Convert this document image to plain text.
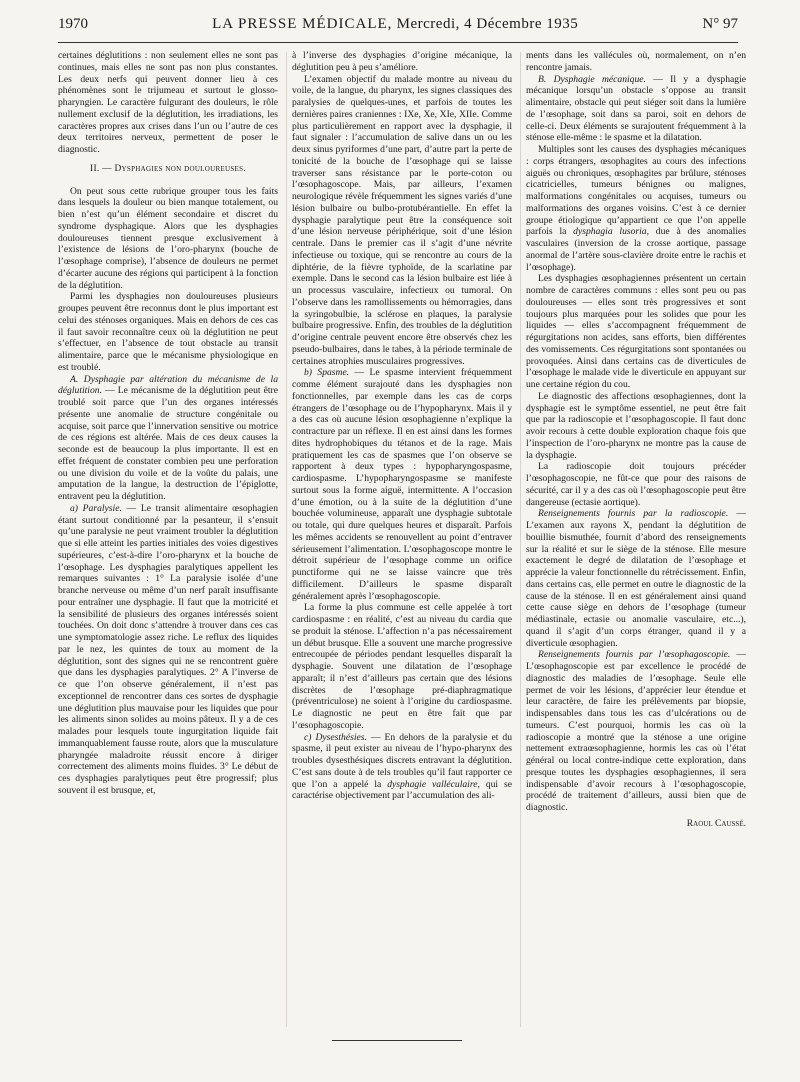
1970	LA PRESSE MÉDICALE, Mercredi, 4 Décembre 1935	N° 97

certaines déglutitions : non seulement elles ne sont pas continues, mais elles ne sont pas non plus constantes. Les deux nerfs qui peuvent donner lieu à ces phénomènes sont le trijumeau et surtout le glosso-pharyngien. Le caractère fulgurant des douleurs, le rôle nullement exclusif de la déglutition, les irradiations, les caractères propres aux crises dans l’un ou l’autre de ces deux territoires nerveux, permettent de poser le diagnostic.

II. — Dysphagies non douloureuses.

On peut sous cette rubrique grouper tous les faits dans lesquels la douleur ou bien manque totalement, ou bien n’est qu’un élément secondaire et discret du syndrome dysphagique. Alors que les dysphagies douloureuses tiennent presque exclusivement à l’existence de lésions de l’oro-pharynx (bouche de l’œsophage comprise), l’absence de douleurs ne permet d’écarter aucune des régions qui participent à la fonction de la déglutition.

Parmi les dysphagies non douloureuses plusieurs groupes peuvent être reconnus dont le plus important est celui des sténoses organiques. Mais en dehors de ces cas il faut savoir reconnaître ceux où la déglutition ne peut s’effectuer, en l’absence de tout obstacle au transit alimentaire, parce que le mécanisme physiologique en est troublé.

A. Dysphagie par altération du mécanisme de la déglutition. — Le mécanisme de la déglutition peut être troublé soit parce que l’un des organes intéressés présente une anomalie de structure congénitale ou acquise, soit parce que l’innervation sensitive ou motrice de ces régions est altérée. Mais de ces deux causes la seconde est de beaucoup la plus importante. Il est en effet fréquent de constater combien peu une perforation ou une division du voile et de la voûte du palais, une amputation de la langue, la destruction de l’épiglotte, entravent peu la déglutition.

a) Paralysie. — Le transit alimentaire œsophagien étant surtout conditionné par la pesanteur, il s’ensuit qu’une paralysie ne peut vraiment troubler la déglutition que si elle atteint les parties initiales des voies digestives supérieures, c’est-à-dire l’oro-pharynx et la bouche de l’œsophage. Les dysphagies paralytiques appellent les remarques suivantes : 1° La paralysie isolée d’une branche nerveuse ou même d’un nerf paraît insuffisante pour entraîner une dysphagie. Il faut que la motricité et la sensibilité de plusieurs des organes intéressés soient touchées. On doit donc s’attendre à trouver dans ces cas une symptomatologie assez riche. Le reflux des liquides par le nez, les quintes de toux au moment de la déglutition, sont des signes qui ne se rencontrent guère que dans les dysphagies paralytiques. 2° A l’inverse de ce que l’on observe généralement, il n’est pas exceptionnel de rencontrer dans ces sortes de dysphagie une déglutition plus mauvaise pour les liquides que pour les aliments sinon solides au moins pâteux. Il y a de ces malades pour lesquels toute ingurgitation liquide fait immanquablement fausse route, alors que la musculature pharyngée maladroite réussit encore à diriger correctement des aliments moins fluides. 3° Le début de ces dysphagies paralytiques peut être progressif; plus souvent il est brusque, et,

à l’inverse des dysphagies d’origine mécanique, la déglutition peu à peu s’améliore.

L’examen objectif du malade montre au niveau du voile, de la langue, du pharynx, les signes classiques des paralysies de quelques-unes, et parfois de toutes les dernières paires craniennes : IXe, Xe, XIe, XIIe. Comme plus particulièrement en rapport avec la dysphagie, il faut signaler : l’accumulation de salive dans un ou les deux sinus pyriformes d’une part, d’autre part la perte de tonicité de la bouche de l’œsophage qui se laisse traverser sans résistance par le porte-coton ou l’œsophagoscope. Mais, par ailleurs, l’examen neurologique révèle fréquemment les signes variés d’une lésion bulbaire ou bulbo-protubérantielle. En effet la dysphagie paralytique peut être la conséquence soit d’une lésion nerveuse périphérique, soit d’une lésion centrale. Dans le premier cas il s’agit d’une névrite infectieuse ou toxique, qui se rencontre au cours de la diphtérie, de la fièvre typhoïde, de la scarlatine par exemple. Dans le second cas la lésion bulbaire est liée à un processus vasculaire, infectieux ou tumoral. On l’observe dans les ramollissements ou hémorragies, dans la syringobulbie, la sclérose en plaques, la paralysie bulbaire progressive. Enfin, des troubles de la déglutition d’origine centrale peuvent encore être observés chez les pseudo-bulbaires, dans le tabes, à la période terminale de certaines atrophies musculaires progressives.

b) Spasme. — Le spasme intervient fréquemment comme élément surajouté dans les dysphagies non fonctionnelles, par exemple dans les cas de corps étrangers de l’œsophage ou de l’hypopharynx. Mais il y a des cas où aucune lésion œsophagienne n’explique la contracture par un réflexe. Il en est ainsi dans les formes dites hydrophobiques du tétanos et de la rage. Mais pratiquement les cas de spasmes que l’on observe se rapportent à deux types : hypopharyngospasme, cardiospasme. L’hypopharyngospasme se manifeste surtout sous la forme aiguë, intermittente. A l’occasion d’une émotion, ou à la suite de la déglutition d’une bouchée volumineuse, apparaît une dysphagie subtotale ou totale, qui dure quelques heures et disparaît. Parfois les mêmes accidents se renouvellent au point d’entraver sérieusement l’alimentation. L’œsophagoscope montre le détroit supérieur de l’œsophage comme un orifice punctiforme qui ne se laisse vaincre que très difficilement. D’ailleurs le spasme disparaît généralement après l’œsophagoscopie.

La forme la plus commune est celle appelée à tort cardiospasme : en réalité, c’est au niveau du cardia que se produit la sténose. L’affection n’a pas nécessairement un début brusque. Elle a souvent une marche progressive entrecoupée de périodes pendant lesquelles disparaît la dysphagie. Souvent une dilatation de l’œsophage apparaît; il n’est d’ailleurs pas certain que des lésions discrètes de l’œsophage pré-diaphragmatique (préventriculose) ne soient à l’origine du cardiospasme. Le diagnostic ne peut en être fait que par l’œsophagoscopie.

c) Dysesthésies. — En dehors de la paralysie et du spasme, il peut exister au niveau de l’hypo-pharynx des troubles dysesthésiques discrets entravant la déglutition. C’est sans doute à de tels troubles qu’il faut rapporter ce que l’on a appelé la dysphagie valléculaire, qui se caractérise objectivement par l’accumulation des ali-

ments dans les vallécules où, normalement, on n’en rencontre jamais.

B. Dysphagie mécanique. — Il y a dysphagie mécanique lorsqu’un obstacle s’oppose au transit alimentaire, obstacle qui peut siéger soit dans la lumière de l’œsophage, soit dans sa paroi, soit en dehors de celle-ci. Deux éléments se surajoutent fréquemment à la sténose elle-même : le spasme et la dilatation.

Multiples sont les causes des dysphagies mécaniques : corps étrangers, œsophagites au cours des infections aiguës ou chroniques, œsophagites par brûlure, sténoses cicatricielles, tumeurs bénignes ou malignes, malformations congénitales ou acquises, tumeurs ou malformations des organes voisins. C’est à ce dernier groupe étiologique qu’appartient ce que l’on appelle parfois la dysphagia lusoria, due à des anomalies vasculaires (inversion de la crosse aortique, passage anormal de l’artère sous-clavière droite entre le rachis et l’œsophage).

Les dysphagies œsophagiennes présentent un certain nombre de caractères communs : elles sont peu ou pas douloureuses — elles sont très progressives et sont toujours plus marquées pour les solides que pour les liquides — elles s’accompagnent fréquemment de régurgitations non acides, sans efforts, bien différentes des vomissements. Ces régurgitations sont spontanées ou provoquées. Ainsi dans certains cas de diverticules de l’œsophage le malade vide le diverticule en appuyant sur une certaine région du cou.

Le diagnostic des affections œsophagiennes, dont la dysphagie est le symptôme essentiel, ne peut être fait que par la radioscopie et l’œsophagoscopie. Il faut donc avoir recours à cette double exploration chaque fois que l’inspection de l’oro-pharynx ne montre pas la cause de la dysphagie.

La radioscopie doit toujours précéder l’œsophagoscopie, ne fût-ce que pour des raisons de sécurité, car il y a des cas où l’œsophagoscopie peut être dangereuse (ectasie aortique).

Renseignements fournis par la radioscopie. — L’examen aux rayons X, pendant la déglutition de bouillie bismuthée, fournit d’abord des renseignements sur la réalité et sur le siège de la sténose. Elle mesure exactement le degré de dilatation de l’œsophage et apprécie la valeur fonctionnelle du rétrécissement. Enfin, dans certains cas, elle permet en outre le diagnostic de la cause de la sténose. Il en est généralement ainsi quand cette cause siège en dehors de l’œsophage (tumeur médiastinale, ectasie ou anomalie vasculaire, etc...), quand il s’agit d’un corps étranger, quand il y a diverticule œsophagien.

Renseignements fournis par l’œsophagoscopie. — L’œsophagoscopie est par excellence le procédé de diagnostic des maladies de l’œsophage. Seule elle permet de voir les lésions, d’apprécier leur étendue et leur caractère, de faire les prélèvements par biopsie, indispensables dans tous les cas d’ulcérations ou de tumeurs. C’est pourquoi, hormis les cas où la radioscopie a montré que la sténose a une origine nettement extraœsophagienne, hormis les cas où l’état général ou local contre-indique cette exploration, dans presque toutes les dysphagies œsophagiennes, il sera indispensable d’avoir recours à l’œsophagoscopie, procédé de traitement d’ailleurs, aussi bien que de diagnostic.

Raoul Caussé.
